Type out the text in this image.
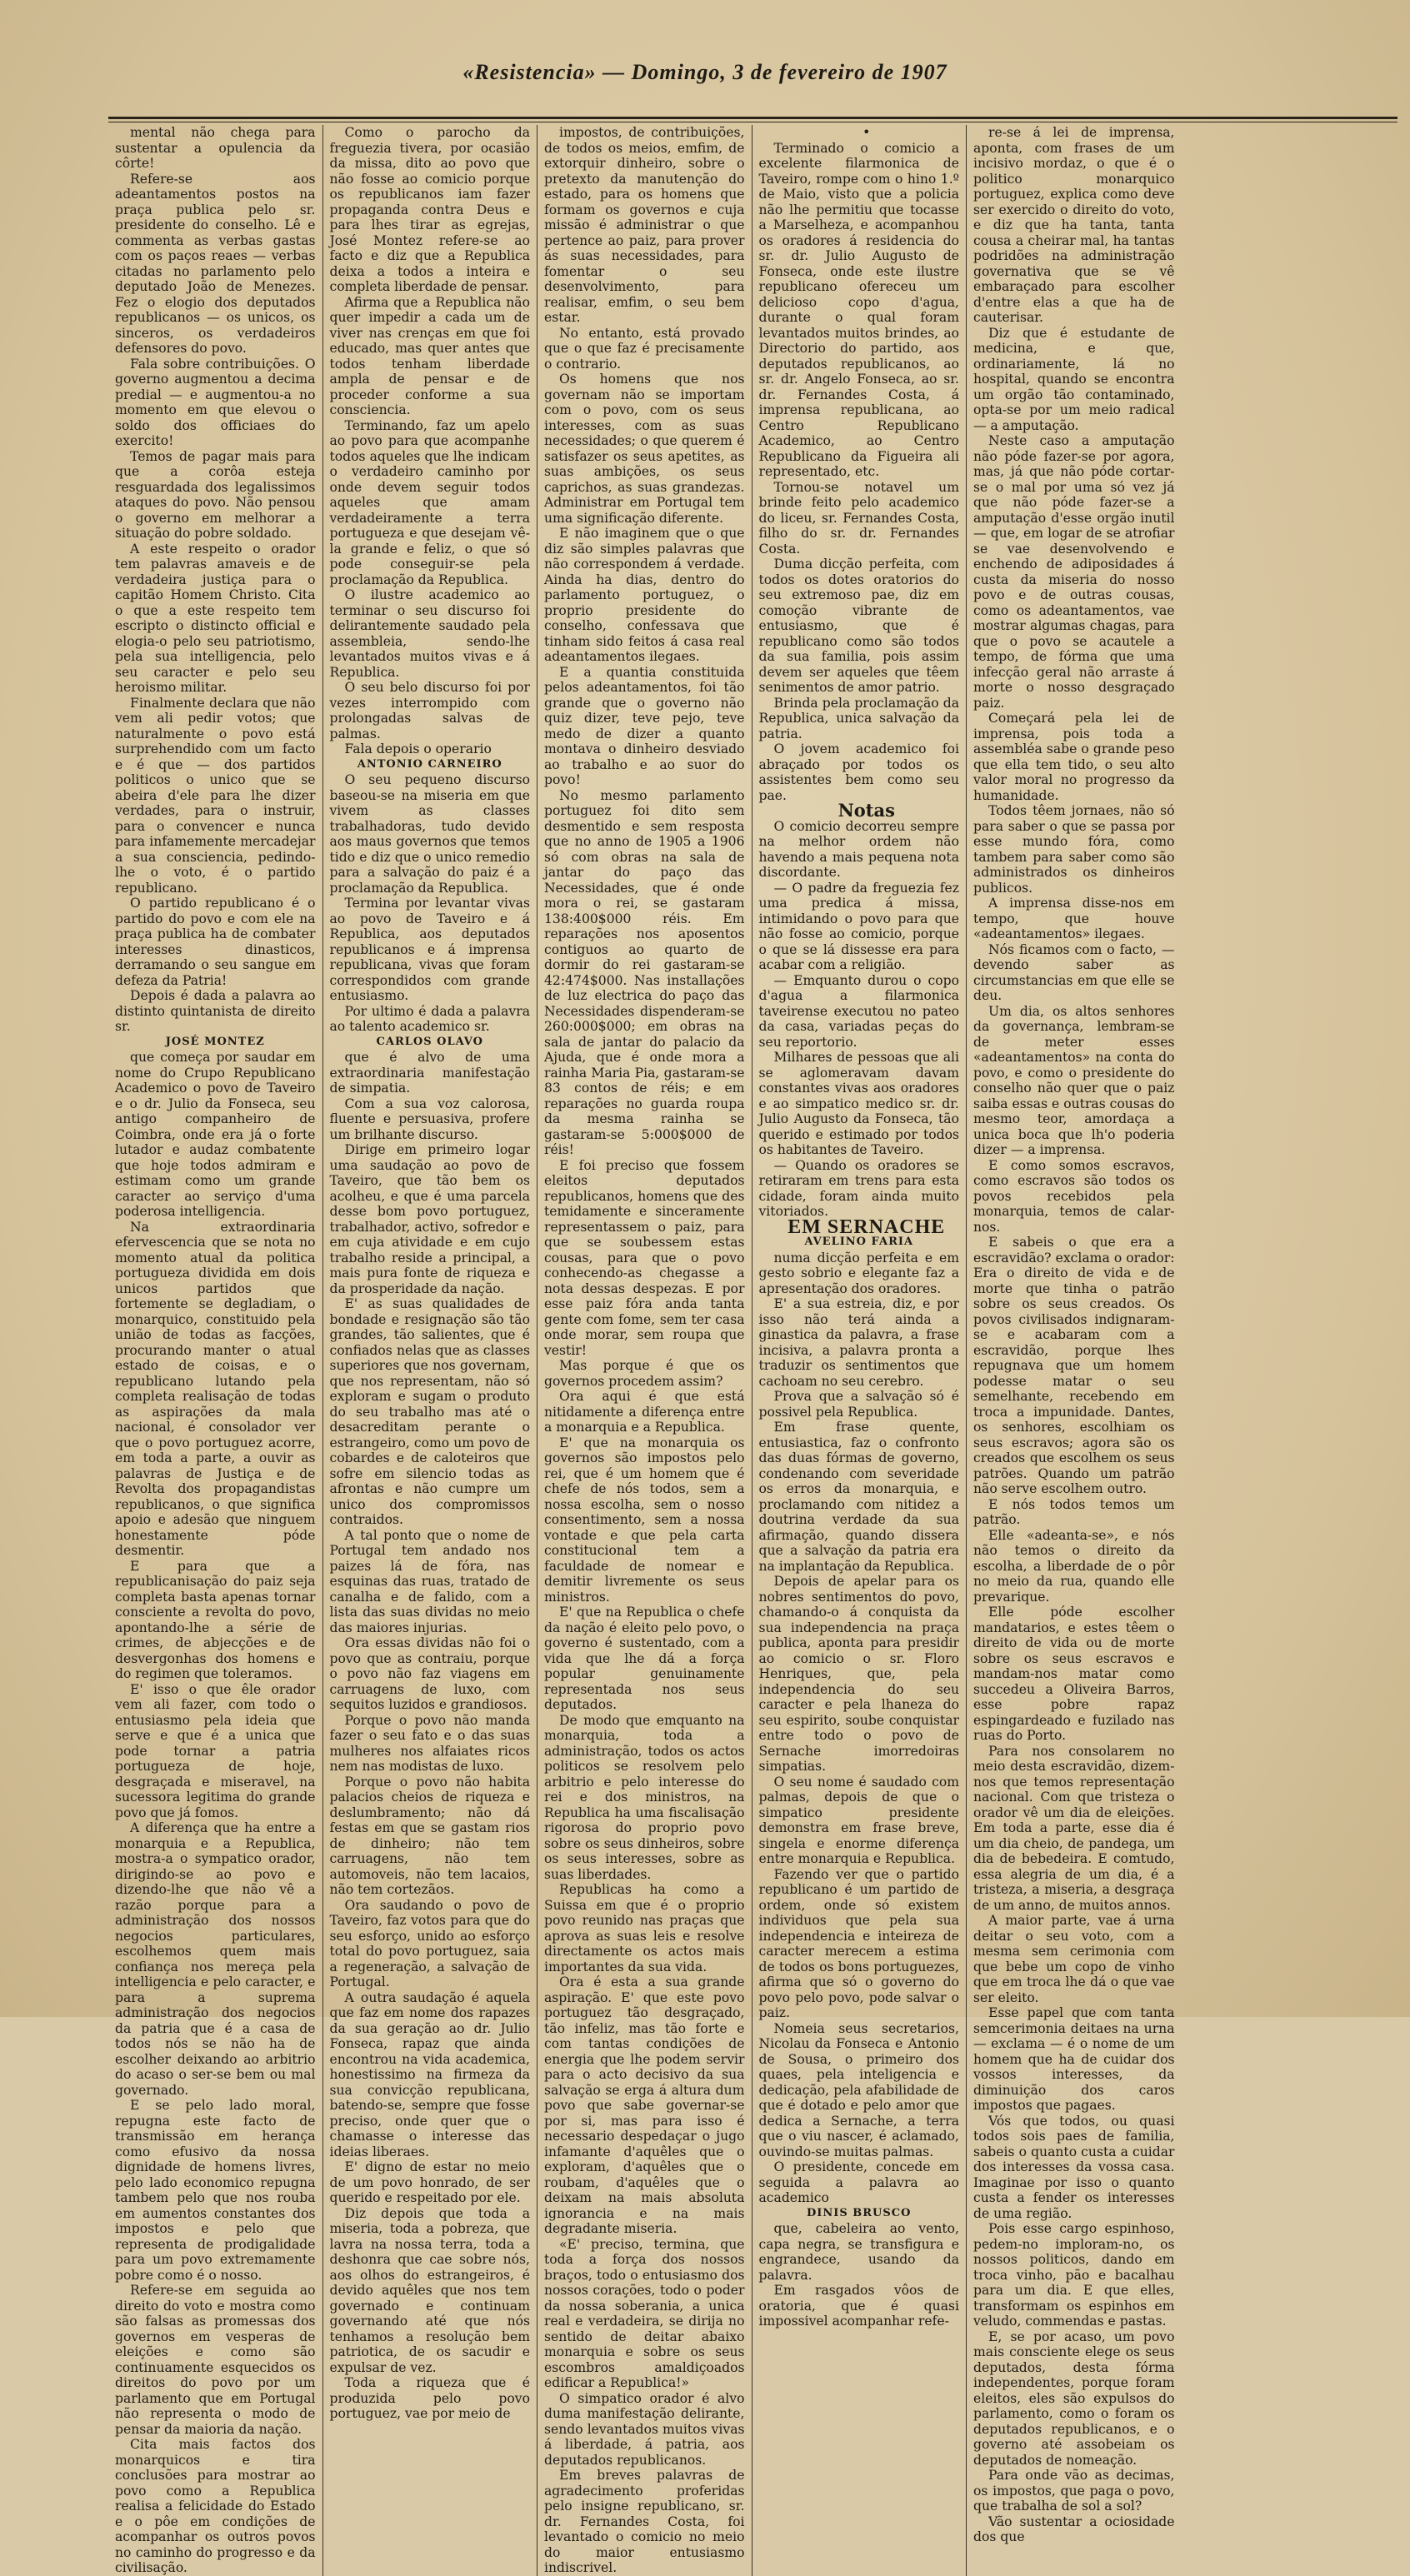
«Resistencia» — Domingo, 3 de fevereiro de 1907

mental não chega para sustentar a opulencia da côrte!

Refere-se aos adeantamentos postos na praça publica pelo sr. presidente do conselho. Lê e commenta as verbas gastas com os paços reaes — verbas citadas no parlamento pelo deputado João de Menezes. Fez o elogio dos deputados republicanos — os unicos, os sinceros, os verdadeiros defensores do povo.

Fala sobre contribuições. O governo augmentou a decima predial — e augmentou-a no momento em que elevou o soldo dos officiaes do exercito!

Temos de pagar mais para que a corôa esteja resguardada dos legalissimos ataques do povo. Não pensou o governo em melhorar a situação do pobre soldado.

A este respeito o orador tem palavras amaveis e de verdadeira justiça para o capitão Homem Christo. Cita o que a este respeito tem escripto o distincto official e elogia-o pelo seu patriotismo, pela sua intelligencia, pelo seu caracter e pelo seu heroismo militar.

Finalmente declara que não vem ali pedir votos; que naturalmente o povo está surprehendido com um facto e é que — dos partidos politicos o unico que se abeira d'ele para lhe dizer verdades, para o instruir, para o convencer e nunca para infamemente mercadejar a sua consciencia, pedindo-lhe o voto, é o partido republicano.

O partido republicano é o partido do povo e com ele na praça publica ha de combater interesses dinasticos, derramando o seu sangue em defeza da Patria!

Depois é dada a palavra ao distinto quintanista de direito sr.

JOSÉ MONTEZ

que começa por saudar em nome do Crupo Republicano Academico o povo de Taveiro e o dr. Julio da Fonseca, seu antigo companheiro de Coimbra, onde era já o forte lutador e audaz combatente que hoje todos admiram e estimam como um grande caracter ao serviço d'uma poderosa intelligencia.

Na extraordinaria efervescencia que se nota no momento atual da politica portugueza dividida em dois unicos partidos que fortemente se degladiam, o monarquico, constituido pela união de todas as facções, procurando manter o atual estado de coisas, e o republicano lutando pela completa realisação de todas as aspirações da mala nacional, é consolador ver que o povo portuguez acorre, em toda a parte, a ouvir as palavras de Justiça e de Revolta dos propagandistas republicanos, o que significa apoio e adesão que ninguem honestamente póde desmentir.

E para que a republicanisação do paiz seja completa basta apenas tornar consciente a revolta do povo, apontando-lhe a série de crimes, de abjecções e de desvergonhas dos homens e do regimen que toleramos.

E' isso o que êle orador vem ali fazer, com todo o entusiasmo pela ideia que serve e que é a unica que pode tornar a patria portugueza de hoje, desgraçada e miseravel, na sucessora legitima do grande povo que já fomos.

A diferença que ha entre a monarquia e a Republica, mostra-a o sympatico orador, dirigindo-se ao povo e dizendo-lhe que não vê a razão porque para a administração dos nossos negocios particulares, escolhemos quem mais confiança nos mereça pela intelligencia e pelo caracter, e para a suprema administração dos negocios da patria que é a casa de todos nós se não ha de escolher deixando ao arbitrio do acaso o ser-se bem ou mal governado.

E se pelo lado moral, repugna este facto de transmissão em herança como efusivo da nossa dignidade de homens livres, pelo lado economico repugna tambem pelo que nos rouba em aumentos constantes dos impostos e pelo que representa de prodigalidade para um povo extremamente pobre como é o nosso.

Refere-se em seguida ao direito do voto e mostra como são falsas as promessas dos governos em vesperas de eleições e como são continuamente esquecidos os direitos do povo por um parlamento que em Portugal não representa o modo de pensar da maioria da nação.

Cita mais factos dos monarquicos e tira conclusões para mostrar ao povo como a Republica realisa a felicidade do Estado e o pôe em condições de acompanhar os outros povos no caminho do progresso e da civilisação.

Como o parocho da freguezia tivera, por ocasião da missa, dito ao povo que não fosse ao comicio porque os republicanos iam fazer propaganda contra Deus e para lhes tirar as egrejas, José Montez refere-se ao facto e diz que a Republica deixa a todos a inteira e completa liberdade de pensar.

Afirma que a Republica não quer impedir a cada um de viver nas crenças em que foi educado, mas quer antes que todos tenham liberdade ampla de pensar e de proceder conforme a sua consciencia.

Terminando, faz um apelo ao povo para que acompanhe todos aqueles que lhe indicam o verdadeiro caminho por onde devem seguir todos aqueles que amam verdadeiramente a terra portugueza e que desejam vê-la grande e feliz, o que só pode conseguir-se pela proclamação da Republica.

O ilustre academico ao terminar o seu discurso foi delirantemente saudado pela assembleia, sendo-lhe levantados muitos vivas e á Republica.

O seu belo discurso foi por vezes interrompido com prolongadas salvas de palmas.

Fala depois o operario

ANTONIO CARNEIRO

O seu pequeno discurso baseou-se na miseria em que vivem as classes trabalhadoras, tudo devido aos maus governos que temos tido e diz que o unico remedio para a salvação do paiz é a proclamação da Republica.

Termina por levantar vivas ao povo de Taveiro e á Republica, aos deputados republicanos e á imprensa republicana, vivas que foram correspondidos com grande entusiasmo.

Por ultimo é dada a palavra ao talento academico sr.

CARLOS OLAVO

que é alvo de uma extraordinaria manifestação de simpatia.

Com a sua voz calorosa, fluente e persuasiva, profere um brilhante discurso.

Dirige em primeiro logar uma saudação ao povo de Taveiro, que tão bem os acolheu, e que é uma parcela desse bom povo portuguez, trabalhador, activo, sofredor e em cuja atividade e em cujo trabalho reside a principal, a mais pura fonte de riqueza e da prosperidade da nação.

E' as suas qualidades de bondade e resignação são tão grandes, tão salientes, que é confiados nelas que as classes superiores que nos governam, que nos representam, não só exploram e sugam o produto do seu trabalho mas até o desacreditam perante o estrangeiro, como um povo de cobardes e de caloteiros que sofre em silencio todas as afrontas e não cumpre um unico dos compromissos contraidos.

A tal ponto que o nome de Portugal tem andado nos paizes lá de fóra, nas esquinas das ruas, tratado de canalha e de falido, com a lista das suas dividas no meio das maiores injurias.

Ora essas dividas não foi o povo que as contraiu, porque o povo não faz viagens em carruagens de luxo, com sequitos luzidos e grandiosos.

Porque o povo não manda fazer o seu fato e o das suas mulheres nos alfaiates ricos nem nas modistas de luxo.

Porque o povo não habita palacios cheios de riqueza e deslumbramento; não dá festas em que se gastam rios de dinheiro; não tem carruagens, não tem automoveis, não tem lacaios, não tem cortezãos.

Ora saudando o povo de Taveiro, faz votos para que do seu esforço, unido ao esforço total do povo portuguez, saia a regeneração, a salvação de Portugal.

A outra saudação é aquela que faz em nome dos rapazes da sua geração ao dr. Julio Fonseca, rapaz que ainda encontrou na vida academica, honestissimo na firmeza da sua convicção republicana, batendo-se, sempre que fosse preciso, onde quer que o chamasse o interesse das ideias liberaes.

E' digno de estar no meio de um povo honrado, de ser querido e respeitado por ele.

Diz depois que toda a miseria, toda a pobreza, que lavra na nossa terra, toda a deshonra que cae sobre nós, aos olhos do estrangeiros, é devido aquêles que nos tem governado e continuam governando até que nós tenhamos a resolução bem patriotica, de os sacudir e expulsar de vez.

Toda a riqueza que é produzida pelo povo portuguez, vae por meio de

impostos, de contribuições, de todos os meios, emfim, de extorquir dinheiro, sobre o pretexto da manutenção do estado, para os homens que formam os governos e cuja missão é administrar o que pertence ao paiz, para prover ás suas necessidades, para fomentar o seu desenvolvimento, para realisar, emfim, o seu bem estar.

No entanto, está provado que o que faz é precisamente o contrario.

Os homens que nos governam não se importam com o povo, com os seus interesses, com as suas necessidades; o que querem é satisfazer os seus apetites, as suas ambições, os seus caprichos, as suas grandezas. Administrar em Portugal tem uma significação diferente.

E não imaginem que o que diz são simples palavras que não correspondem á verdade. Ainda ha dias, dentro do parlamento portuguez, o proprio presidente do conselho, confessava que tinham sido feitos á casa real adeantamentos ilegaes.

E a quantia constituida pelos adeantamentos, foi tão grande que o governo não quiz dizer, teve pejo, teve medo de dizer a quanto montava o dinheiro desviado ao trabalho e ao suor do povo!

No mesmo parlamento portuguez foi dito sem desmentido e sem resposta que no anno de 1905 a 1906 só com obras na sala de jantar do paço das Necessidades, que é onde mora o rei, se gastaram 138:400$000 réis. Em reparações nos aposentos contiguos ao quarto de dormir do rei gastaram-se 42:474$000. Nas installações de luz electrica do paço das Necessidades dispenderam-se 260:000$000; em obras na sala de jantar do palacio da Ajuda, que é onde mora a rainha Maria Pia, gastaram-se 83 contos de réis; e em reparações no guarda roupa da mesma rainha se gastaram-se 5:000$000 de réis!

E foi preciso que fossem eleitos deputados republicanos, homens que des temidamente e sinceramente representassem o paiz, para que se soubessem estas cousas, para que o povo conhecendo-as chegasse a nota dessas despezas. E por esse paiz fóra anda tanta gente com fome, sem ter casa onde morar, sem roupa que vestir!

Mas porque é que os governos procedem assim?

Ora aqui é que está nitidamente a diferença entre a monarquia e a Republica.

E' que na monarquia os governos são impostos pelo rei, que é um homem que é chefe de nós todos, sem a nossa escolha, sem o nosso consentimento, sem a nossa vontade e que pela carta constitucional tem a faculdade de nomear e demitir livremente os seus ministros.

E' que na Republica o chefe da nação é eleito pelo povo, o governo é sustentado, com a vida que lhe dá a força popular genuinamente representada nos seus deputados.

De modo que emquanto na monarquia, toda a administração, todos os actos politicos se resolvem pelo arbitrio e pelo interesse do rei e dos ministros, na Republica ha uma fiscalisação rigorosa do proprio povo sobre os seus dinheiros, sobre os seus interesses, sobre as suas liberdades.

Republicas ha como a Suissa em que é o proprio povo reunido nas praças que aprova as suas leis e resolve directamente os actos mais importantes da sua vida.

Ora é esta a sua grande aspiração. E' que este povo portuguez tão desgraçado, tão infeliz, mas tão forte e com tantas condições de energia que lhe podem servir para o acto decisivo da sua salvação se erga á altura dum povo que sabe governar-se por si, mas para isso é necessario despedaçar o jugo infamante d'aquêles que o exploram, d'aquêles que o roubam, d'aquêles que o deixam na mais absoluta ignorancia e na mais degradante miseria.

«E' preciso, termina, que toda a força dos nossos braços, todo o entusiasmo dos nossos corações, todo o poder da nossa soberania, a unica real e verdadeira, se dirija no sentido de deitar abaixo monarquia e sobre os seus escombros amaldiçoados edificar a Republica!»

O simpatico orador é alvo duma manifestação delirante, sendo levantados muitos vivas á liberdade, á patria, aos deputados republicanos.

Em breves palavras de agradecimento proferidas pelo insigne republicano, sr. dr. Fernandes Costa, foi levantado o comicio no meio do maior entusiasmo indiscrivel.

•

Terminado o comicio a excelente filarmonica de Taveiro, rompe com o hino 1.º de Maio, visto que a policia não lhe permitiu que tocasse a Marselheza, e acompanhou os oradores á residencia do sr. dr. Julio Augusto de Fonseca, onde este ilustre republicano ofereceu um delicioso copo d'agua, durante o qual foram levantados muitos brindes, ao Directorio do partido, aos deputados republicanos, ao sr. dr. Angelo Fonseca, ao sr. dr. Fernandes Costa, á imprensa republicana, ao Centro Republicano Academico, ao Centro Republicano da Figueira ali representado, etc.

Tornou-se notavel um brinde feito pelo academico do liceu, sr. Fernandes Costa, filho do sr. dr. Fernandes Costa.

Duma dicção perfeita, com todos os dotes oratorios do seu extremoso pae, diz em comoção vibrante de entusiasmo, que é republicano como são todos da sua familia, pois assim devem ser aqueles que têem senimentos de amor patrio.

Brinda pela proclamação da Republica, unica salvação da patria.

O jovem academico foi abraçado por todos os assistentes bem como seu pae.

Notas

O comicio decorreu sempre na melhor ordem não havendo a mais pequena nota discordante.

— O padre da freguezia fez uma predica á missa, intimidando o povo para que não fosse ao comicio, porque o que se lá dissesse era para acabar com a religião.

— Emquanto durou o copo d'agua a filarmonica taveirense executou no pateo da casa, variadas peças do seu reportorio.

Milhares de pessoas que ali se aglomeravam davam constantes vivas aos oradores e ao simpatico medico sr. dr. Julio Augusto da Fonseca, tão querido e estimado por todos os habitantes de Taveiro.

— Quando os oradores se retiraram em trens para esta cidade, foram ainda muito vitoriados.

EM SERNACHE

AVELINO FARIA

numa dicção perfeita e em gesto sobrio e elegante faz a apresentação dos oradores.

E' a sua estreia, diz, e por isso não terá ainda a ginastica da palavra, a frase incisiva, a palavra pronta a traduzir os sentimentos que cachoam no seu cerebro.

Prova que a salvação só é possivel pela Republica.

Em frase quente, entusiastica, faz o confronto das duas fórmas de governo, condenando com severidade os erros da monarquia, e proclamando com nitidez a doutrina verdade da sua afirmação, quando dissera que a salvação da patria era na implantação da Republica.

Depois de apelar para os nobres sentimentos do povo, chamando-o á conquista da sua independencia na praça publica, aponta para presidir ao comicio o sr. Floro Henriques, que, pela independencia do seu caracter e pela lhaneza do seu espirito, soube conquistar entre todo o povo de Sernache imorredoiras simpatias.

O seu nome é saudado com palmas, depois de que o simpatico presidente demonstra em frase breve, singela e enorme diferença entre monarquia e Republica.

Fazendo ver que o partido republicano é um partido de ordem, onde só existem individuos que pela sua independencia e inteireza de caracter merecem a estima de todos os bons portuguezes, afirma que só o governo do povo pelo povo, pode salvar o paiz.

Nomeia seus secretarios, Nicolau da Fonseca e Antonio de Sousa, o primeiro dos quaes, pela inteligencia e dedicação, pela afabilidade de que é dotado e pelo amor que dedica a Sernache, a terra que o viu nascer, é aclamado, ouvindo-se muitas palmas.

O presidente, concede em seguida a palavra ao academico

DINIS BRUSCO

que, cabeleira ao vento, capa negra, se transfigura e engrandece, usando da palavra.

Em rasgados vôos de oratoria, que é quasi impossivel acompanhar refe-

re-se á lei de imprensa, aponta, com frases de um incisivo mordaz, o que é o politico monarquico portuguez, explica como deve ser exercido o direito do voto, e diz que ha tanta, tanta cousa a cheirar mal, ha tantas podridões na administração governativa que se vê embaraçado para escolher d'entre elas a que ha de cauterisar.

Diz que é estudante de medicina, e que, ordinariamente, lá no hospital, quando se encontra um orgão tão contaminado, opta-se por um meio radical — a amputação.

Neste caso a amputação não póde fazer-se por agora, mas, já que não póde cortar-se o mal por uma só vez já que não póde fazer-se a amputação d'esse orgão inutil — que, em logar de se atrofiar se vae desenvolvendo e enchendo de adiposidades á custa da miseria do nosso povo e de outras cousas, como os adeantamentos, vae mostrar algumas chagas, para que o povo se acautele a tempo, de fórma que uma infecção geral não arraste á morte o nosso desgraçado paiz.

Começará pela lei de imprensa, pois toda a assembléa sabe o grande peso que ella tem tido, o seu alto valor moral no progresso da humanidade.

Todos têem jornaes, não só para saber o que se passa por esse mundo fóra, como tambem para saber como são administrados os dinheiros publicos.

A imprensa disse-nos em tempo, que houve «adeantamentos» ilegaes.

Nós ficamos com o facto, — devendo saber as circumstancias em que elle se deu.

Um dia, os altos senhores da governança, lembram-se de meter esses «adeantamentos» na conta do povo, e como o presidente do conselho não quer que o paiz saiba essas e outras cousas do mesmo teor, amordaça a unica boca que lh'o poderia dizer — a imprensa.

E como somos escravos, como escravos são todos os povos recebidos pela monarquia, temos de calar-nos.

E sabeis o que era a escravidão? exclama o orador: Era o direito de vida e de morte que tinha o patrão sobre os seus creados. Os povos civilisados indignaram-se e acabaram com a escravidão, porque lhes repugnava que um homem podesse matar o seu semelhante, recebendo em troca a impunidade. Dantes, os senhores, escolhiam os seus escravos; agora são os creados que escolhem os seus patrões. Quando um patrão não serve escolhem outro.

E nós todos temos um patrão.

Elle «adeanta-se», e nós não temos o direito da escolha, a liberdade de o pôr no meio da rua, quando elle prevarique.

Elle póde escolher mandatarios, e estes têem o direito de vida ou de morte sobre os seus escravos e mandam-nos matar como succedeu a Oliveira Barros, esse pobre rapaz espingardeado e fuzilado nas ruas do Porto.

Para nos consolarem no meio desta escravidão, dizem-nos que temos representação nacional. Com que tristeza o orador vê um dia de eleições. Em toda a parte, esse dia é um dia cheio, de pandega, um dia de bebedeira. E comtudo, essa alegria de um dia, é a tristeza, a miseria, a desgraça de um anno, de muitos annos.

A maior parte, vae á urna deitar o seu voto, com a mesma sem cerimonia com que bebe um copo de vinho que em troca lhe dá o que vae ser eleito.

Esse papel que com tanta semcerimonia deitaes na urna — exclama — é o nome de um homem que ha de cuidar dos vossos interesses, da diminuição dos caros impostos que pagaes.

Vós que todos, ou quasi todos sois paes de familia, sabeis o quanto custa a cuidar dos interesses da vossa casa. Imaginae por isso o quanto custa a fender os interesses de uma região.

Pois esse cargo espinhoso, pedem-no imploram-no, os nossos politicos, dando em troca vinho, pão e bacalhau para um dia. E que elles, transformam os espinhos em veludo, commendas e pastas.

E, se por acaso, um povo mais consciente elege os seus deputados, desta fórma independentes, porque foram eleitos, eles são expulsos do parlamento, como o foram os deputados republicanos, e o governo até assobeiam os deputados de nomeação.

Para onde vão as decimas, os impostos, que paga o povo, que trabalha de sol a sol?

Vão sustentar a ociosidade dos que
